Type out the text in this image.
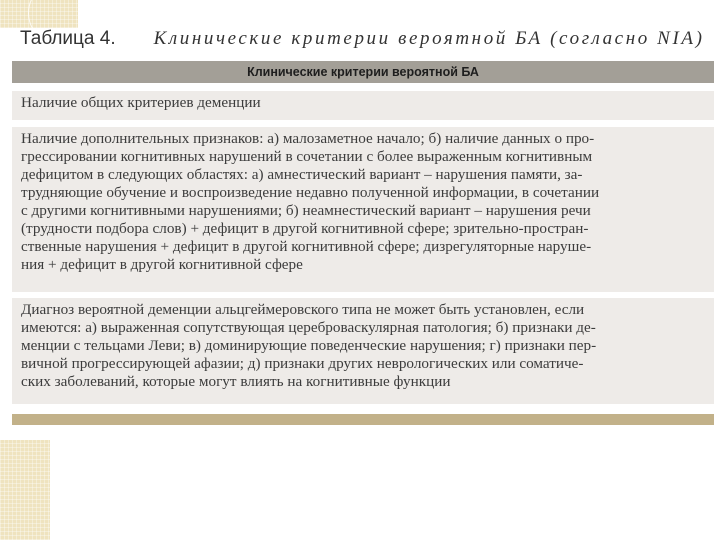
Таблица 4. Клинические критерии вероятной БА (согласно NIA)
Клинические критерии вероятной БА
Наличие общих критериев деменции
Наличие дополнительных признаков: а) малозаметное начало; б) наличие данных о про-
грессировании когнитивных нарушений в сочетании с более выраженным когнитивным
дефицитом в следующих областях: а) амнестический вариант – нарушения памяти, за-
трудняющие обучение и воспроизведение недавно полученной информации, в сочетании
с другими когнитивными нарушениями; б) неамнестический вариант – нарушения речи
(трудности подбора слов) + дефицит в другой когнитивной сфере; зрительно-простран-
ственные нарушения + дефицит в другой когнитивной сфере; дизрегуляторные наруше-
ния + дефицит в другой когнитивной сфере
Диагноз вероятной деменции альцгеймеровского типа не может быть установлен, если
имеются: а) выраженная сопутствующая цереброваскулярная патология; б) признаки де-
менции с тельцами Леви; в) доминирующие поведенческие нарушения; г) признаки пер-
вичной прогрессирующей афазии; д) признаки других неврологических или соматиче-
ских заболеваний, которые могут влиять на когнитивные функции
